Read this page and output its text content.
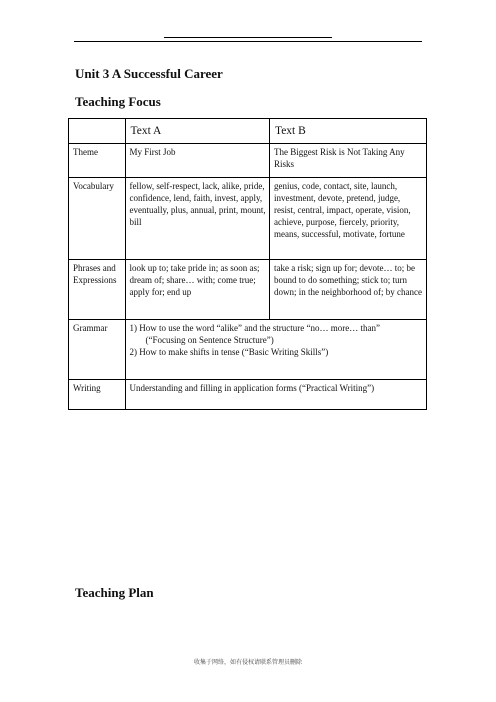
Unit 3 A Successful Career
Teaching Focus
	Text A	Text B
Theme	My First Job	The Biggest Risk is Not Taking Any Risks
Vocabulary	fellow, self-respect, lack, alike, pride, confidence, lend, faith, invest, apply, eventually, plus, annual, print, mount, bill	genius, code, contact, site, launch, investment, devote, pretend, judge, resist, central, impact, operate, vision, achieve, purpose, fiercely, priority, means, successful, motivate, fortune
Phrases and Expressions	look up to; take pride in; as soon as; dream of; share… with; come true; apply for; end up	take a risk; sign up for; devote… to; be bound to do something; stick to; turn down; in the neighborhood of; by chance
Grammar	1) How to use the word “alike” and the structure “no… more… than”
(“Focusing on Sentence Structure”)
2) How to make shifts in tense (“Basic Writing Skills”)	

Writing	Understanding and filling in application forms (“Practical Writing”)	
Teaching Plan
收集于网络，如有侵权请联系管理员删除
